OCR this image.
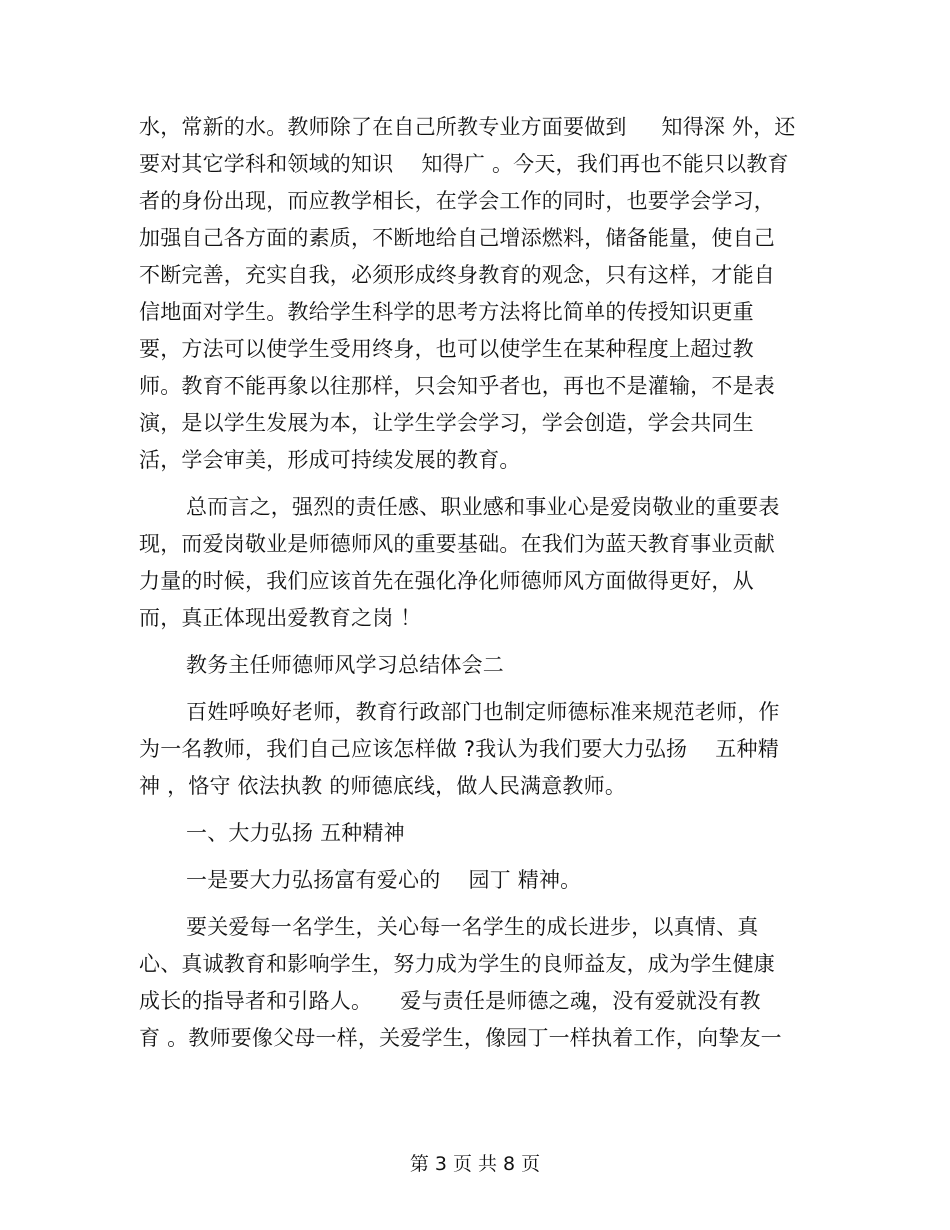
水，常新的水。教师除了在自己所教专业方面要做到 　 知得深 外，还
要对其它学科和领域的知识 　知得广 。今天，我们再也不能只以教育
者的身份出现，而应教学相长，在学会工作的同时，也要学会学习，
加强自己各方面的素质，不断地给自己增添燃料，储备能量，使自己
不断完善，充实自我，必须形成终身教育的观念，只有这样，才能自
信地面对学生。教给学生科学的思考方法将比简单的传授知识更重
要，方法可以使学生受用终身，也可以使学生在某种程度上超过教
师。教育不能再象以往那样，只会知乎者也，再也不是灌输，不是表
演，是以学生发展为本，让学生学会学习，学会创造，学会共同生
活，学会审美，形成可持续发展的教育。
总而言之，强烈的责任感、职业感和事业心是爱岗敬业的重要表
现，而爱岗敬业是师德师风的重要基础。在我们为蓝天教育事业贡献
力量的时候，我们应该首先在强化净化师德师风方面做得更好，从
而，真正体现出爱教育之岗 ！
教务主任师德师风学习总结体会二
百姓呼唤好老师，教育行政部门也制定师德标准来规范老师，作
为一名教师，我们自己应该怎样做 ?我认为我们要大力弘扬 　五种精
神 ，恪守 依法执教 的师德底线，做人民满意教师。
一、大力弘扬 五种精神
一是要大力弘扬富有爱心的 　园丁 精神。
要关爱每一名学生，关心每一名学生的成长进步，以真情、真
心、真诚教育和影响学生，努力成为学生的良师益友，成为学生健康
成长的指导者和引路人。 　爱与责任是师德之魂，没有爱就没有教
育 。教师要像父母一样，关爱学生，像园丁一样执着工作，向挚友一
第 3 页 共 8 页
